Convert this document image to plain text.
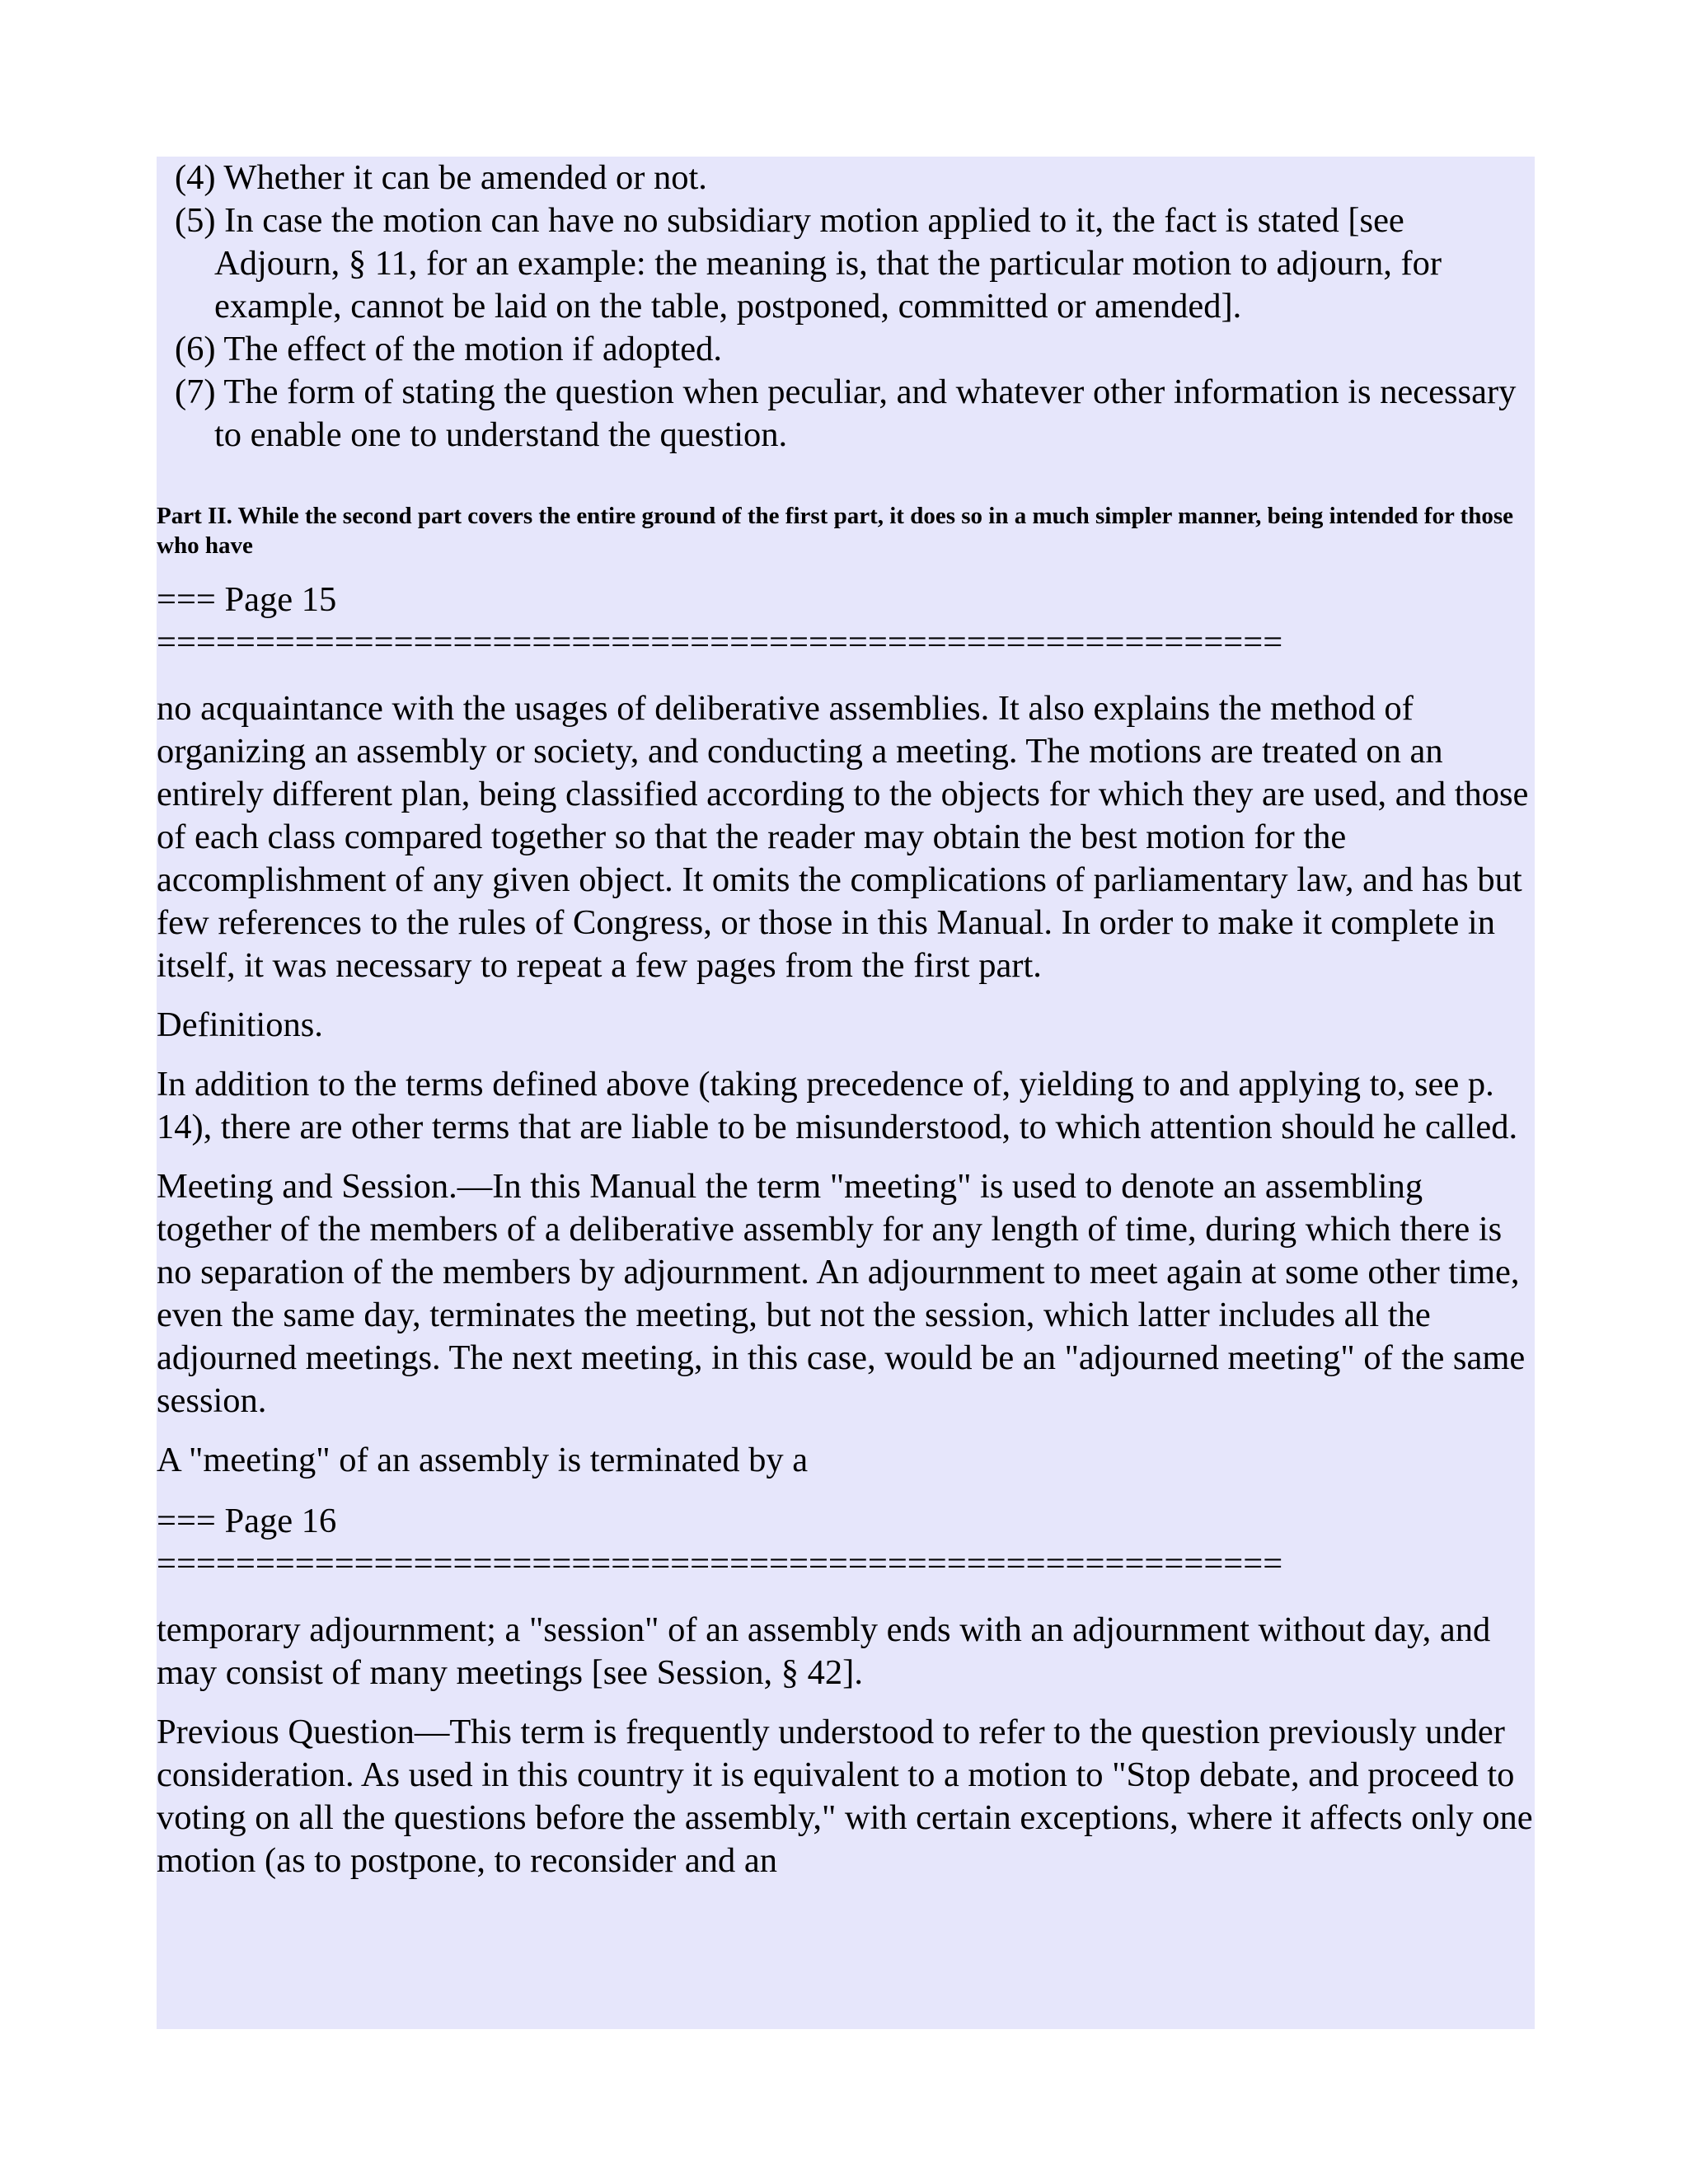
(4) Whether it can be amended or not.

(5) In case the motion can have no subsidiary motion applied to it, the fact is stated [see Adjourn, § 11, for an example: the meaning is, that the particular motion to adjourn, for example, cannot be laid on the table, postponed, committed or amended].

(6) The effect of the motion if adopted.

(7) The form of stating the question when peculiar, and whatever other information is necessary to enable one to understand the question.

Part II. While the second part covers the entire ground of the first part, it does so in a much simpler manner, being intended for those who have

=== Page 15
=========================================================

no acquaintance with the usages of deliberative assemblies. It also explains the method of organizing an assembly or society, and conducting a meeting. The motions are treated on an entirely different plan, being classified according to the objects for which they are used, and those of each class compared together so that the reader may obtain the best motion for the accomplishment of any given object. It omits the complications of parliamentary law, and has but few references to the rules of Congress, or those in this Manual. In order to make it complete in itself, it was necessary to repeat a few pages from the first part.

Definitions.

In addition to the terms defined above (taking precedence of, yielding to and applying to, see p. 14), there are other terms that are liable to be misunderstood, to which attention should he called.

Meeting and Session.—In this Manual the term "meeting" is used to denote an assembling together of the members of a deliberative assembly for any length of time, during which there is no separation of the members by adjournment. An adjournment to meet again at some other time, even the same day, terminates the meeting, but not the session, which latter includes all the adjourned meetings. The next meeting, in this case, would be an "adjourned meeting" of the same session.

A "meeting" of an assembly is terminated by a

=== Page 16
=========================================================

temporary adjournment; a "session" of an assembly ends with an adjournment without day, and may consist of many meetings [see Session, § 42].

Previous Question—This term is frequently understood to refer to the question previously under consideration. As used in this country it is equivalent to a motion to "Stop debate, and proceed to voting on all the questions before the assembly," with certain exceptions, where it affects only one motion (as to postpone, to reconsider and an
